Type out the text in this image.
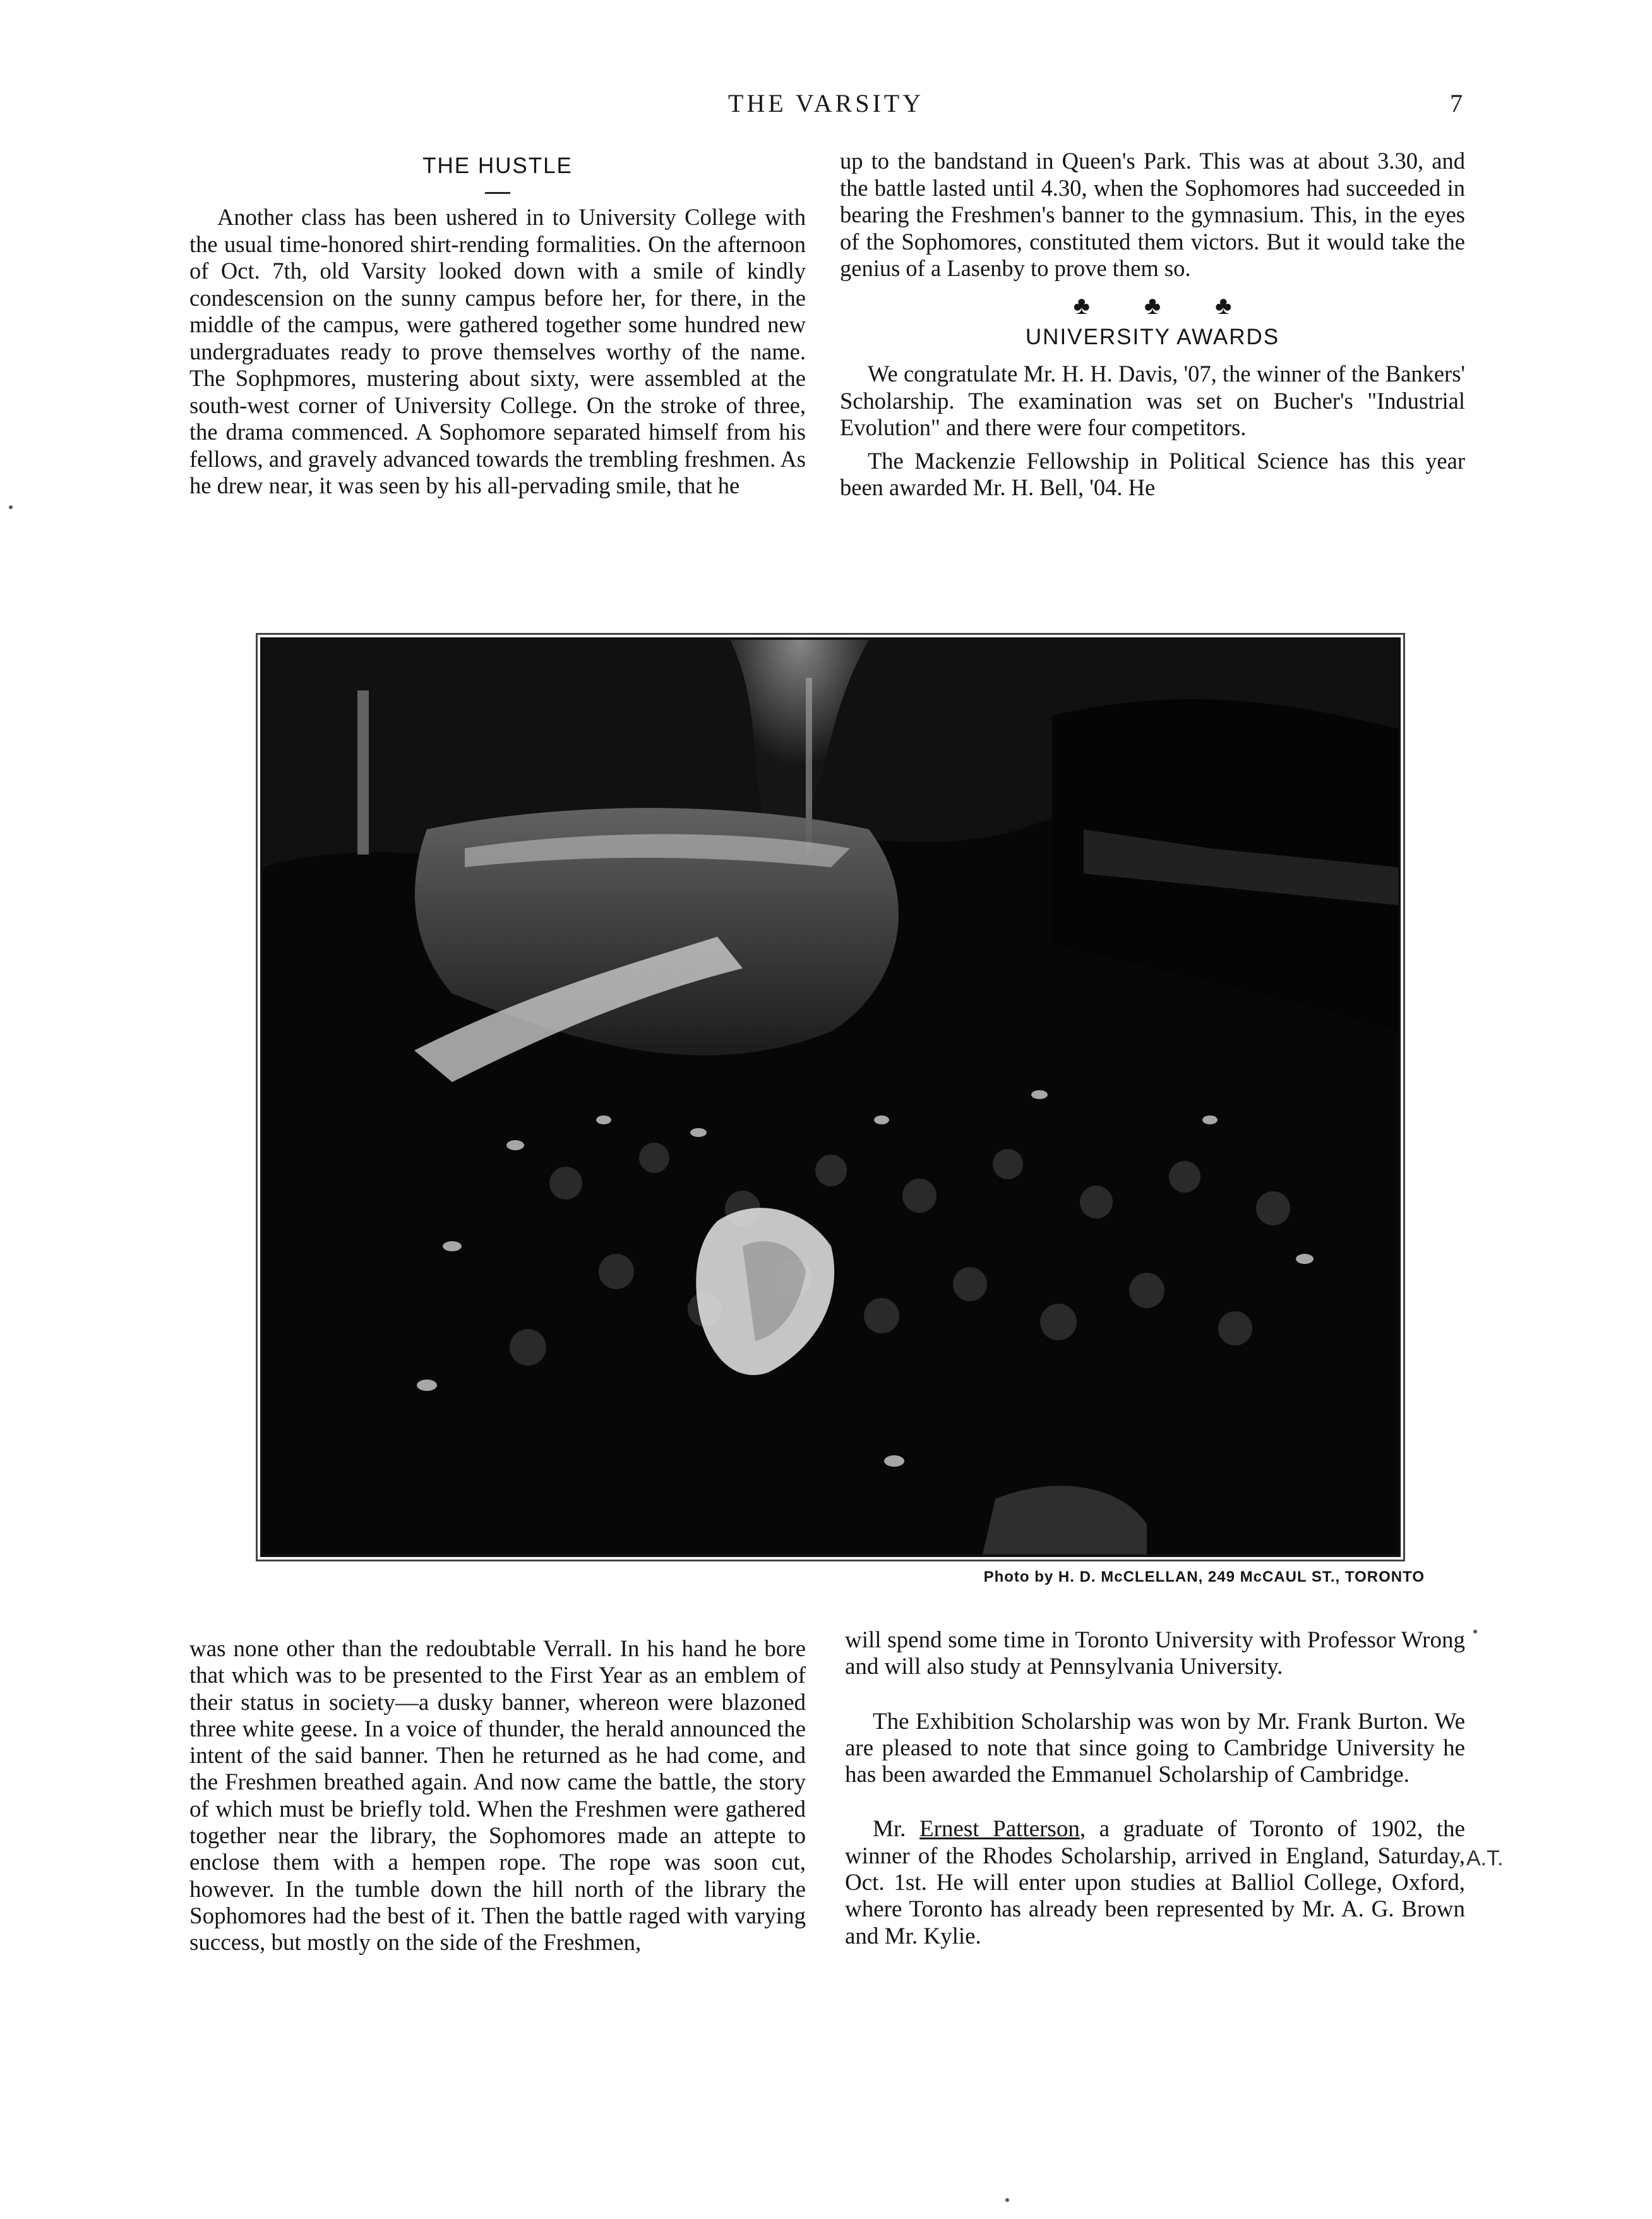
THE VARSITY	7
THE HUSTLE

Another class has been ushered in to University College with the usual time-honored shirt-rending formalities. On the afternoon of Oct. 7th, old Varsity looked down with a smile of kindly condescension on the sunny campus before her, for there, in the middle of the campus, were gathered together some hundred new undergraduates ready to prove themselves worthy of the name. The Sophpmores, mustering about sixty, were assembled at the south-west corner of University College. On the stroke of three, the drama commenced. A Sophomore separated himself from his fellows, and gravely advanced towards the trembling freshmen. As he drew near, it was seen by his all-pervading smile, that he

up to the bandstand in Queen's Park. This was at about 3.30, and the battle lasted until 4.30, when the Sophomores had succeeded in bearing the Freshmen's banner to the gymnasium. This, in the eyes of the Sophomores, constituted them victors. But it would take the genius of a Lasenby to prove them so.

♣ ♣ ♣
UNIVERSITY AWARDS

We congratulate Mr. H. H. Davis, '07, the winner of the Bankers' Scholarship. The examination was set on Bucher's "Industrial Evolution" and there were four competitors.

The Mackenzie Fellowship in Political Science has this year been awarded Mr. H. Bell, '04. He

Photo by H. D. McCLELLAN, 249 McCAUL ST., TORONTO

was none other than the redoubtable Verrall. In his hand he bore that which was to be presented to the First Year as an emblem of their status in society—a dusky banner, whereon were blazoned three white geese. In a voice of thunder, the herald announced the intent of the said banner. Then he returned as he had come, and the Freshmen breathed again. And now came the battle, the story of which must be briefly told. When the Freshmen were gathered together near the library, the Sophomores made an attepte to enclose them with a hempen rope. The rope was soon cut, however. In the tumble down the hill north of the library the Sophomores had the best of it. Then the battle raged with varying success, but mostly on the side of the Freshmen,

will spend some time in Toronto University with Professor Wrong and will also study at Pennsylvania University.

The Exhibition Scholarship was won by Mr. Frank Burton. We are pleased to note that since going to Cambridge University he has been awarded the Emmanuel Scholarship of Cambridge.

Mr. Ernest Patterson, a graduate of Toronto of 1902, the winner of the Rhodes Scholarship, arrived in England, Saturday, Oct. 1st. He will enter upon studies at Balliol College, Oxford, where Toronto has already been represented by Mr. A. G. Brown and Mr. Kylie.

A.T.
